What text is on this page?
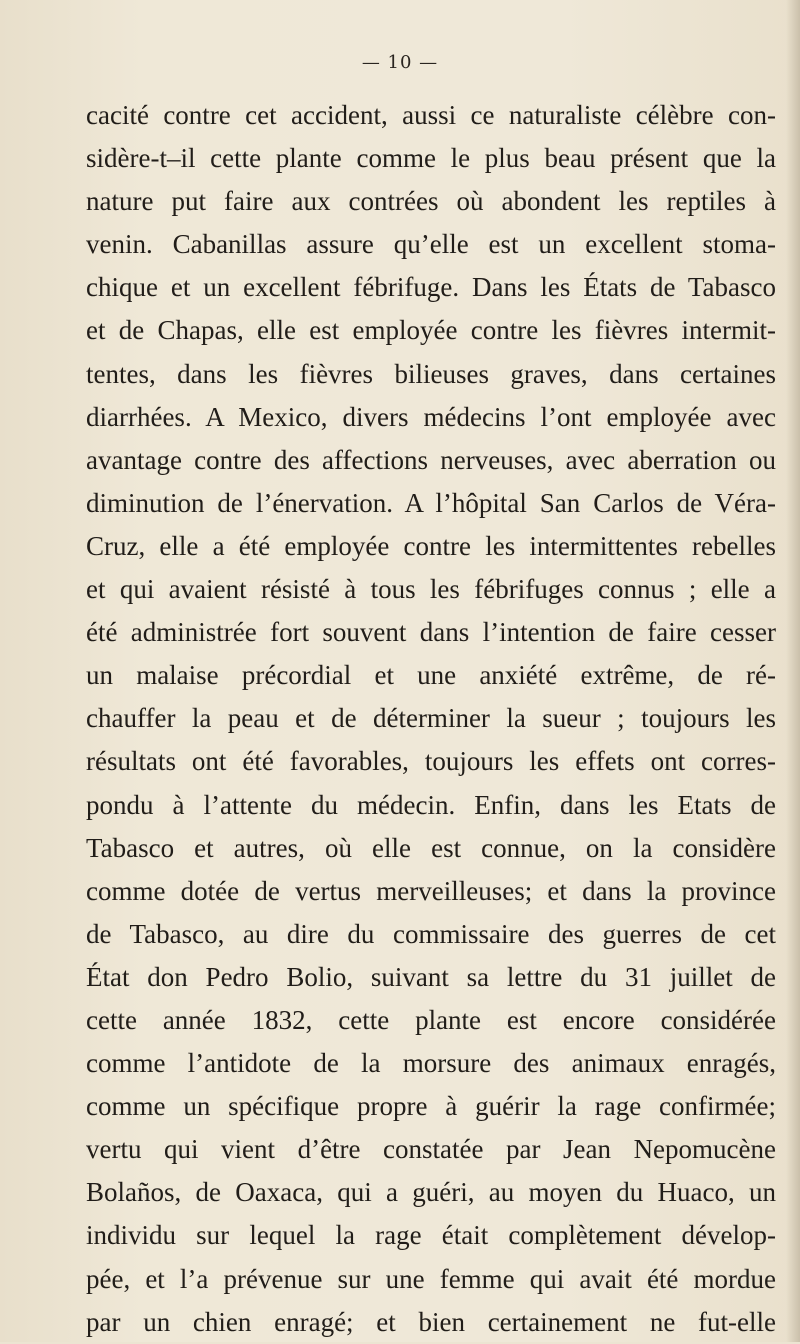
— 10 —
cacité contre cet accident, aussi ce naturaliste célèbre con-
sidère-t–il cette plante comme le plus beau présent que la
nature put faire aux contrées où abondent les reptiles à
venin. Cabanillas assure qu’elle est un excellent stoma-
chique et un excellent fébrifuge. Dans les États de Tabasco
et de Chapas, elle est employée contre les fièvres intermit-
tentes, dans les fièvres bilieuses graves, dans certaines
diarrhées. A Mexico, divers médecins l’ont employée avec
avantage contre des affections nerveuses, avec aberration ou
diminution de l’énervation. A l’hôpital San Carlos de Véra-
Cruz, elle a été employée contre les intermittentes rebelles
et qui avaient résisté à tous les fébrifuges connus ; elle a
été administrée fort souvent dans l’intention de faire cesser
un malaise précordial et une anxiété extrême, de ré-
chauffer la peau et de déterminer la sueur ; toujours les
résultats ont été favorables, toujours les effets ont corres-
pondu à l’attente du médecin. Enfin, dans les Etats de
Tabasco et autres, où elle est connue, on la considère
comme dotée de vertus merveilleuses; et dans la province
de Tabasco, au dire du commissaire des guerres de cet
État don Pedro Bolio, suivant sa lettre du 31 juillet de
cette année 1832, cette plante est encore considérée
comme l’antidote de la morsure des animaux enragés,
comme un spécifique propre à guérir la rage confirmée;
vertu qui vient d’être constatée par Jean Nepomucène
Bolaños, de Oaxaca, qui a guéri, au moyen du Huaco, un
individu sur lequel la rage était complètement dévelop-
pée, et l’a prévenue sur une femme qui avait été mordue
par un chien enragé; et bien certainement ne fut-elle
